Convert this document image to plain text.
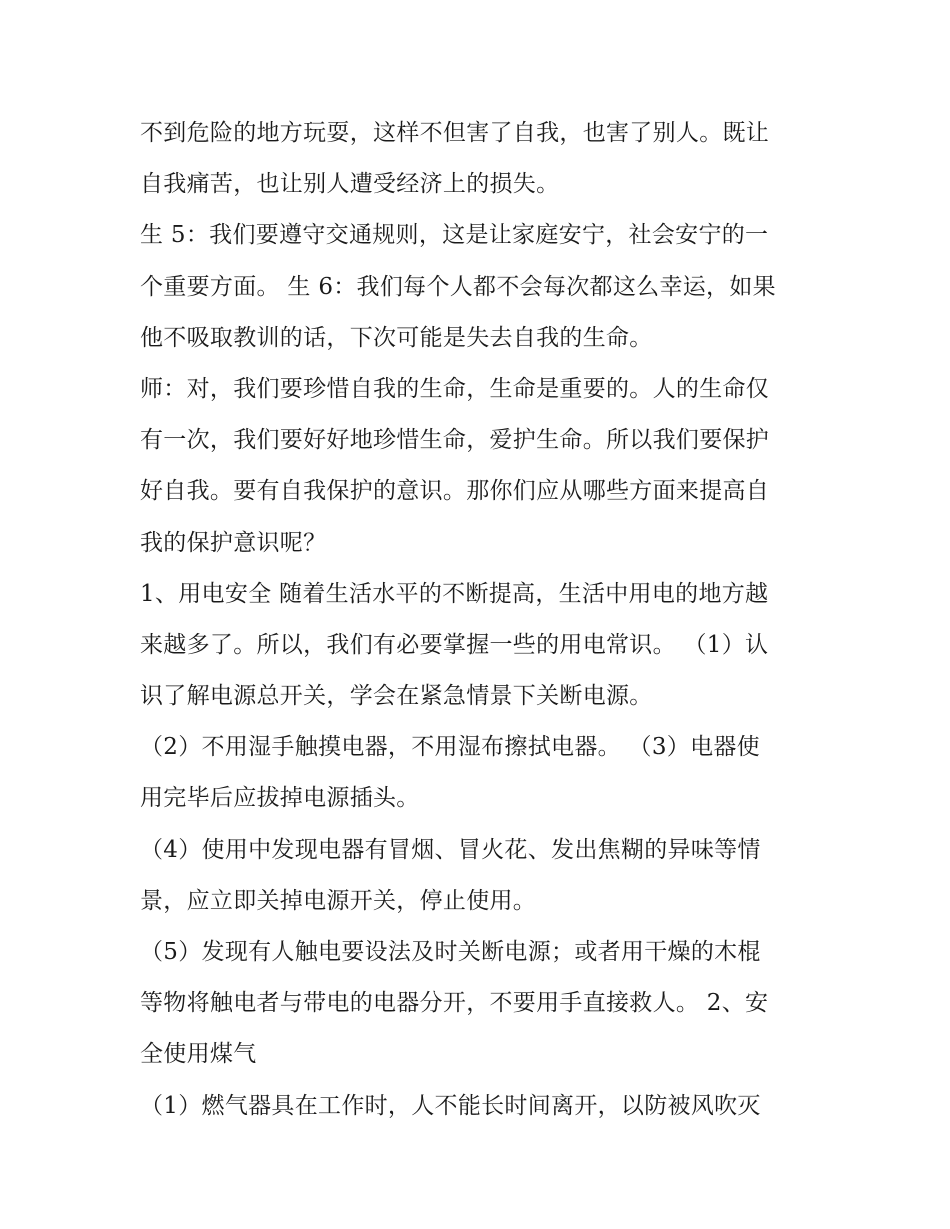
不到危险的地方玩耍，这样不但害了自我，也害了别人。既让
自我痛苦，也让别人遭受经济上的损失。
生 5：我们要遵守交通规则，这是让家庭安宁，社会安宁的一
个重要方面。 生 6：我们每个人都不会每次都这么幸运，如果
他不吸取教训的话，下次可能是失去自我的生命。
师：对，我们要珍惜自我的生命，生命是重要的。人的生命仅
有一次，我们要好好地珍惜生命，爱护生命。所以我们要保护
好自我。要有自我保护的意识。那你们应从哪些方面来提高自
我的保护意识呢？
1、用电安全 随着生活水平的不断提高，生活中用电的地方越
来越多了。所以，我们有必要掌握一些的用电常识。 （1）认
识了解电源总开关，学会在紧急情景下关断电源。
（2）不用湿手触摸电器，不用湿布擦拭电器。 （3）电器使
用完毕后应拔掉电源插头。
（4）使用中发现电器有冒烟、冒火花、发出焦糊的异味等情
景，应立即关掉电源开关，停止使用。
（5）发现有人触电要设法及时关断电源；或者用干燥的木棍
等物将触电者与带电的电器分开，不要用手直接救人。 2、安
全使用煤气
（1）燃气器具在工作时，人不能长时间离开，以防被风吹灭
